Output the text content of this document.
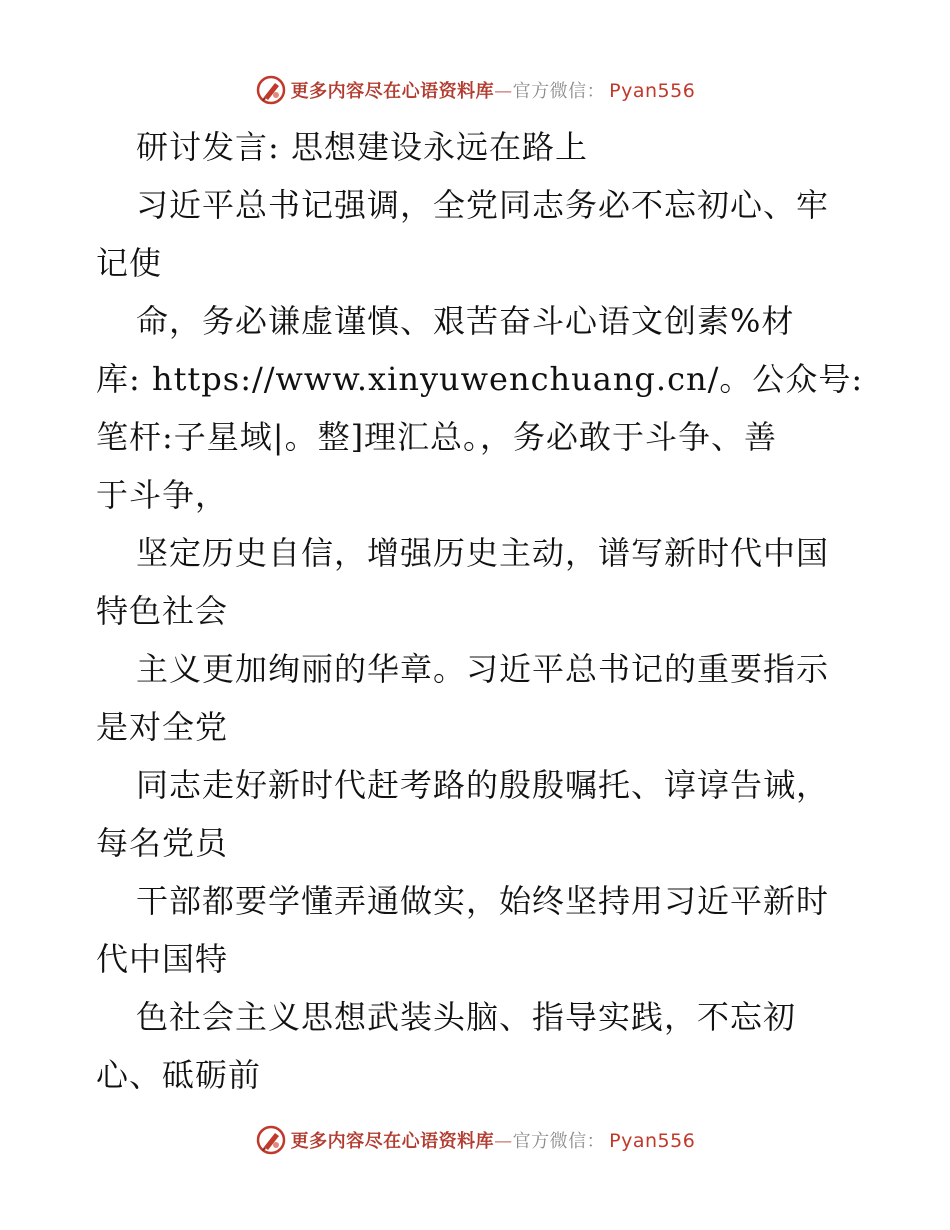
更多内容尽在心语资料库—官方微信： Pyan556
研讨发言: 思想建设永远在路上
习近平总书记强调，全党同志务必不忘初心、牢
记使
命，务必谦虚谨慎、艰苦奋斗心语文创素%材
库: https://www.xinyuwenchuang.cn/。公众号:
笔杆:子星域|。整]理汇总。，务必敢于斗争、善
于斗争，
坚定历史自信，增强历史主动，谱写新时代中国
特色社会
主义更加绚丽的华章。习近平总书记的重要指示
是对全党
同志走好新时代赶考路的殷殷嘱托、谆谆告诫，
每名党员
干部都要学懂弄通做实，始终坚持用习近平新时
代中国特
色社会主义思想武装头脑、指导实践，不忘初
心、砥砺前
更多内容尽在心语资料库—官方微信： Pyan556
